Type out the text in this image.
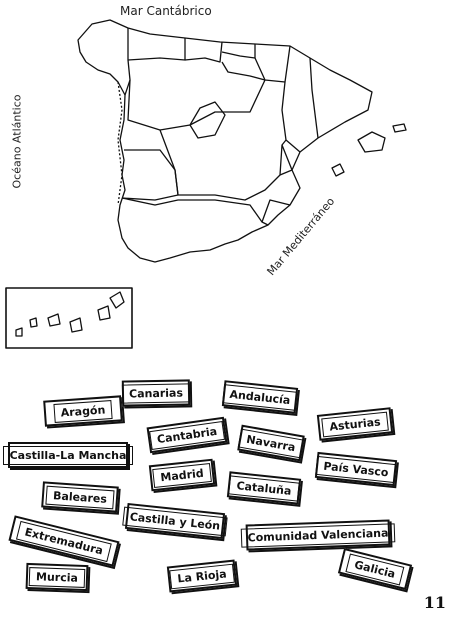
Mar Cantábrico
Océano Atlántico
Mar Mediterráneo
Aragón
Canarias	Andalucía
Asturias
Cantabria	Navarra
Castilla-La Mancha
Madrid	País Vasco
Cataluña
Baleares
Castilla y León
Comunidad Valenciana
Extremadura
Galicia
Murcia	La Rioja
11
